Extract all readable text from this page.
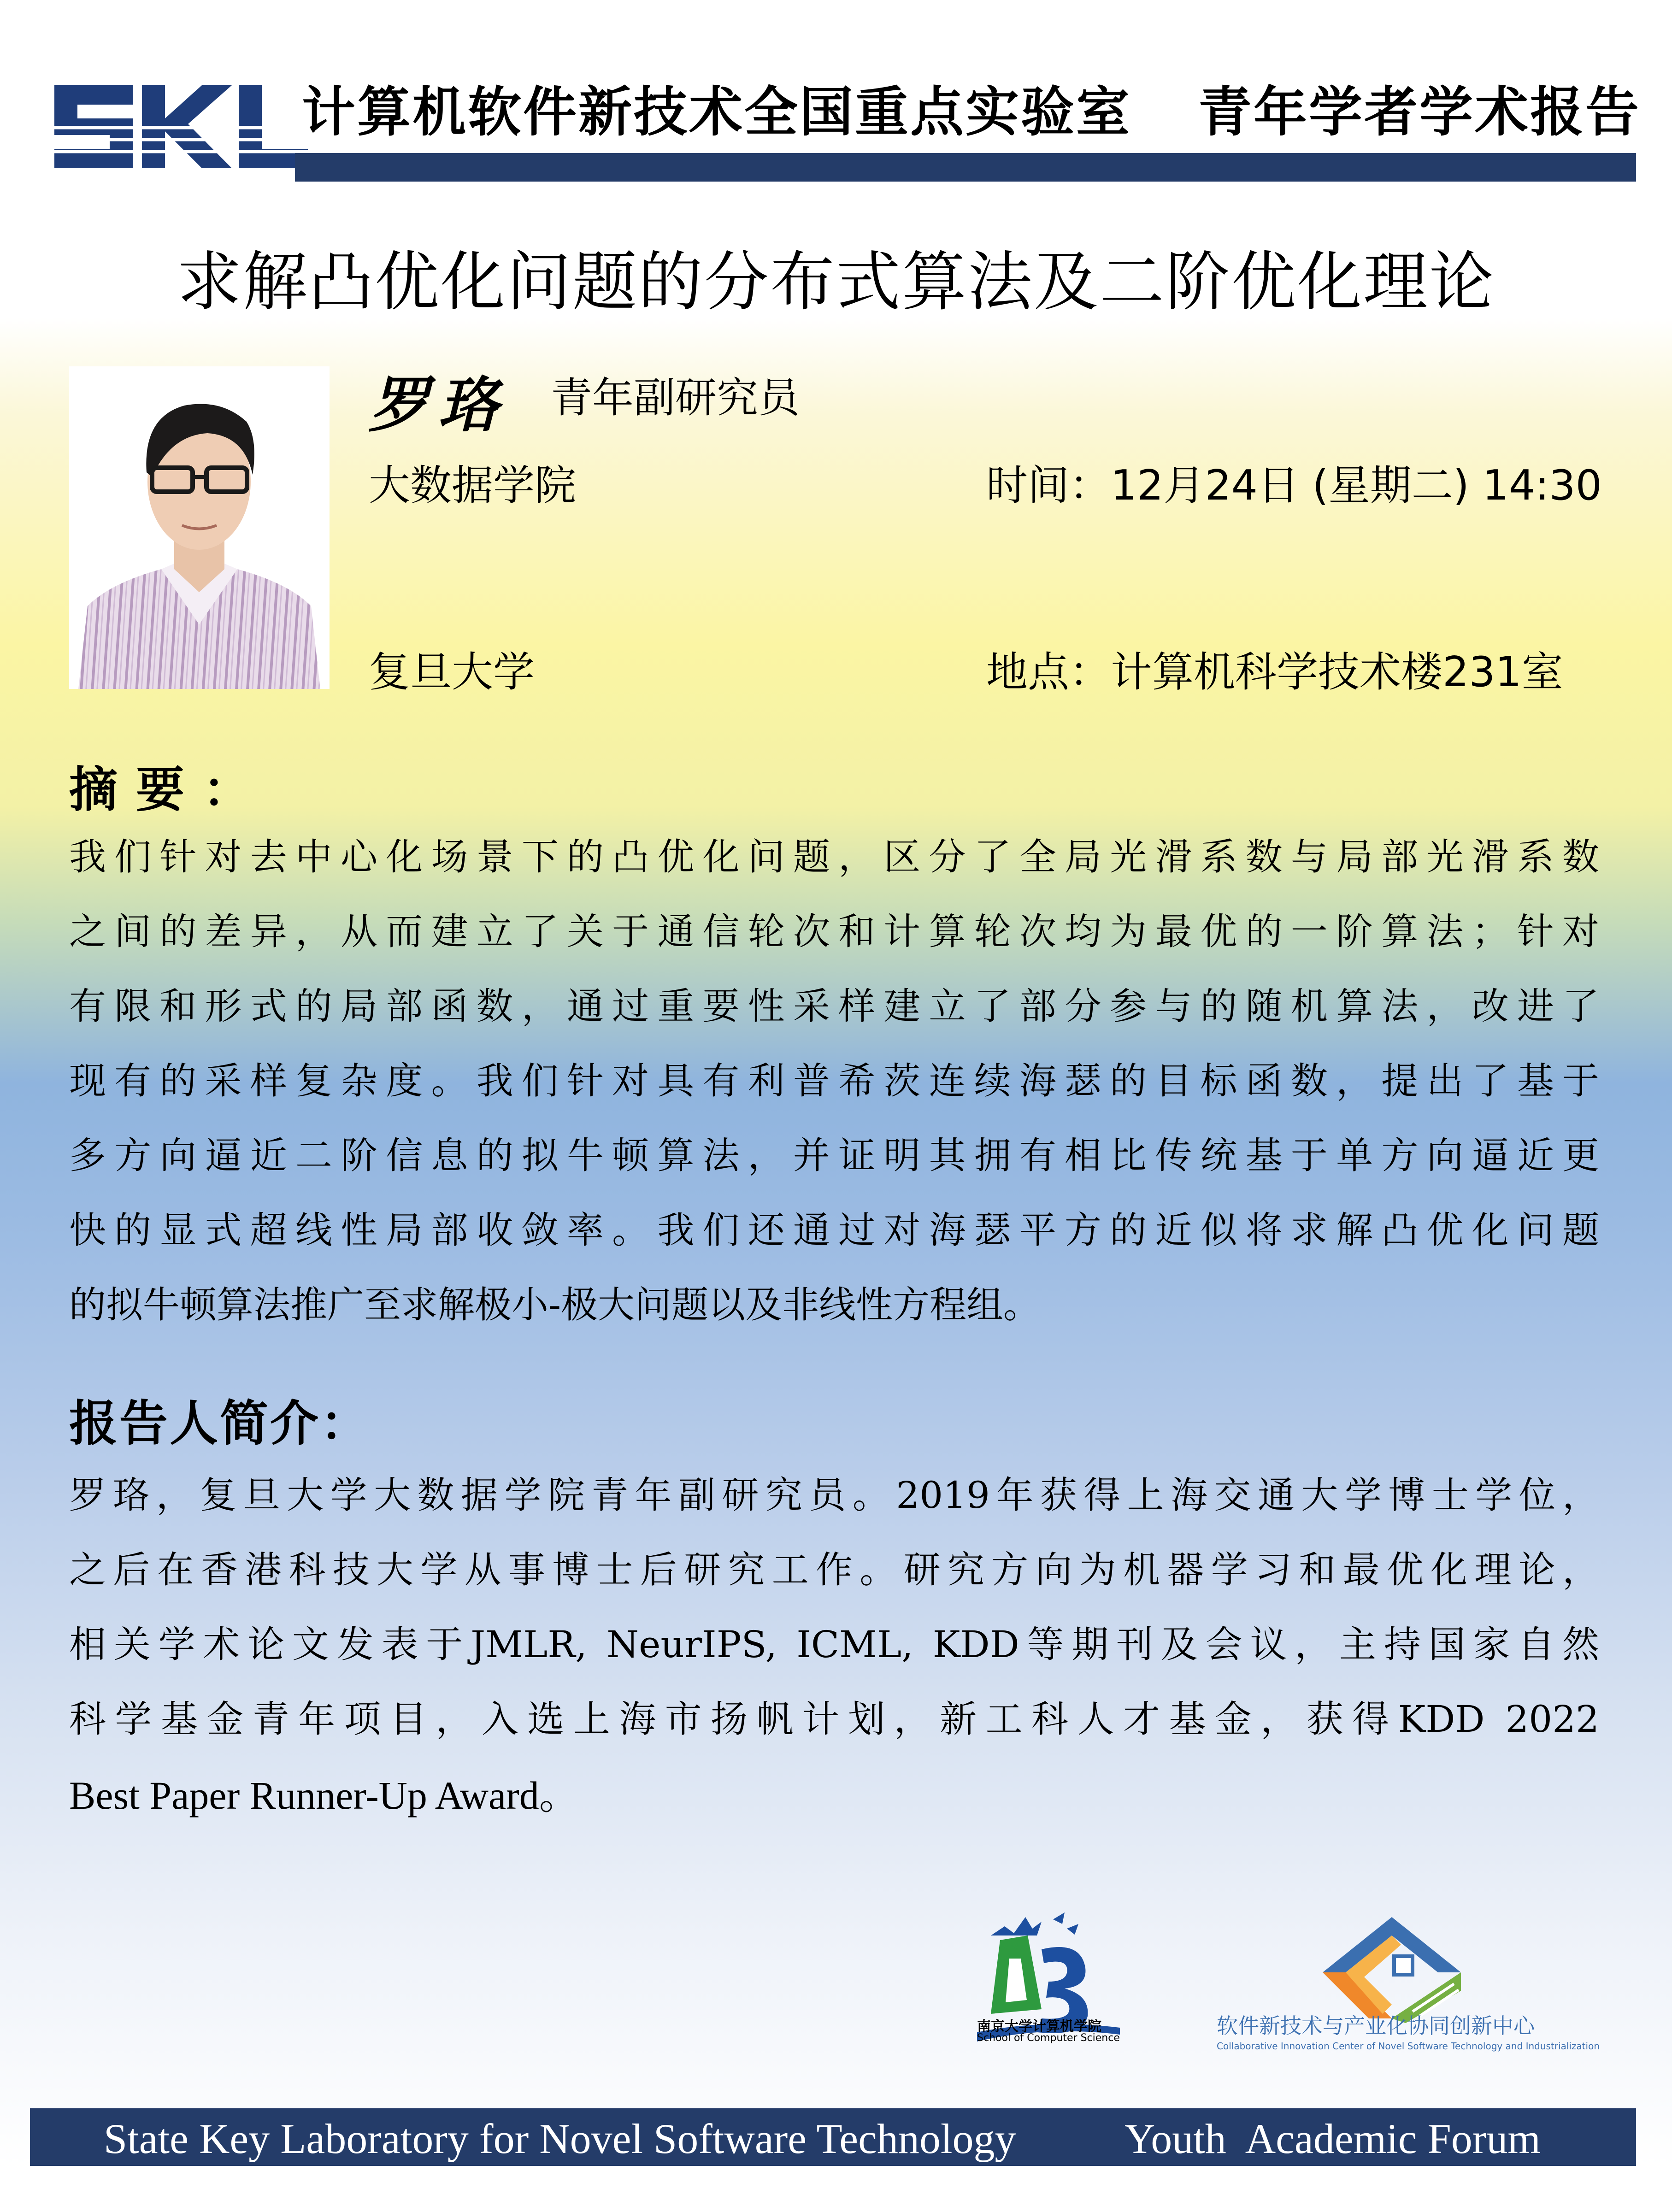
计算机软件新技术全国重点实验室 青年学者学术报告
求解凸优化问题的分布式算法及二阶优化理论
罗珞 青年副研究员
大数据学院
复旦大学
时间：12月24日 (星期二) 14:30
地点：计算机科学技术楼231室
摘要：
我们针对去中心化场景下的凸优化问题，区分了全局光滑系数与局部光滑系数
之间的差异，从而建立了关于通信轮次和计算轮次均为最优的一阶算法；针对
有限和形式的局部函数，通过重要性采样建立了部分参与的随机算法，改进了
现有的采样复杂度。我们针对具有利普希茨连续海瑟的目标函数，提出了基于
多方向逼近二阶信息的拟牛顿算法，并证明其拥有相比传统基于单方向逼近更
快的显式超线性局部收敛率。我们还通过对海瑟平方的近似将求解凸优化问题
的拟牛顿算法推广至求解极小-极大问题以及非线性方程组。
报告人简介：
罗珞，复旦大学大数据学院青年副研究员。2019年获得上海交通大学博士学位，
之后在香港科技大学从事博士后研究工作。研究方向为机器学习和最优化理论，
相关学术论文发表于JMLR, NeurIPS, ICML, KDD等期刊及会议，主持国家自然
科学基金青年项目，入选上海市扬帆计划，新工科人才基金，获得KDD 2022
Best Paper Runner-Up Award。
南京大学计算机学院
School of Computer Science	软件新技术与产业化协同创新中心
Collaborative Innovation Center of Novel Software Technology and Industrialization
State Key Laboratory for Novel Software Technology	Youth  Academic Forum
